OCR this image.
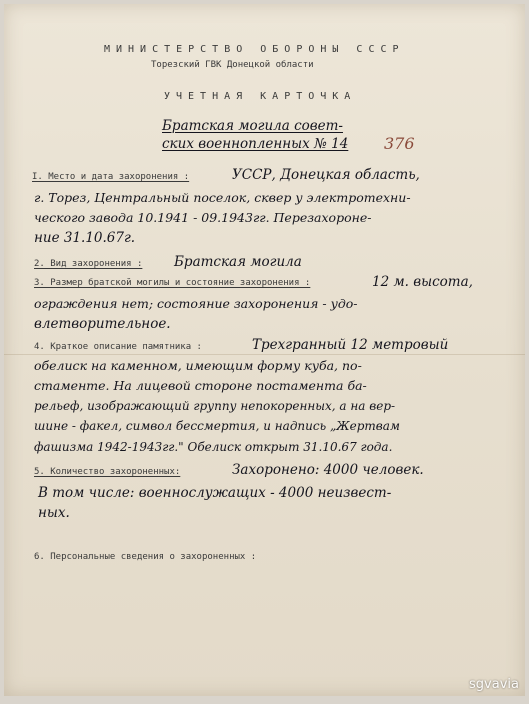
МИНИСТЕРСТВО ОБОРОНЫ СССР
Торезский ГВК Донецкой области
УЧЕТНАЯ КАРТОЧКА
Братская могила совет-
ских военнопленных № 14 376
I. Место и дата захоронения :	УССР, Донецкая область,
г. Торез, Центральный поселок, сквер у электротехни-
ческого завода 10.1941 - 09.1943гг. Перезахороне-
ние 31.10.67г.
2. Вид захоронения : Братская могила
3. Размер братской могилы и состояние захоронения :	12 м. высота,
ограждения нет; состояние захоронения - удо-
влетворительное.
4. Краткое описание памятника :	Трехгранный 12 метровый
обелиск на каменном, имеющим форму куба, по-
стаменте. На лицевой стороне постамента ба-
рельеф, изображающий группу непокоренных, а на вер-
шине - факел, символ бессмертия, и надпись „Жертвам
фашизма 1942-1943гг." Обелиск открыт 31.10.67 года.
5. Количество захороненных:	Захоронено: 4000 человек.
В том числе: военнослужащих - 4000 неизвест-
ных.
6. Персональные сведения о захороненных :
sgvavia
